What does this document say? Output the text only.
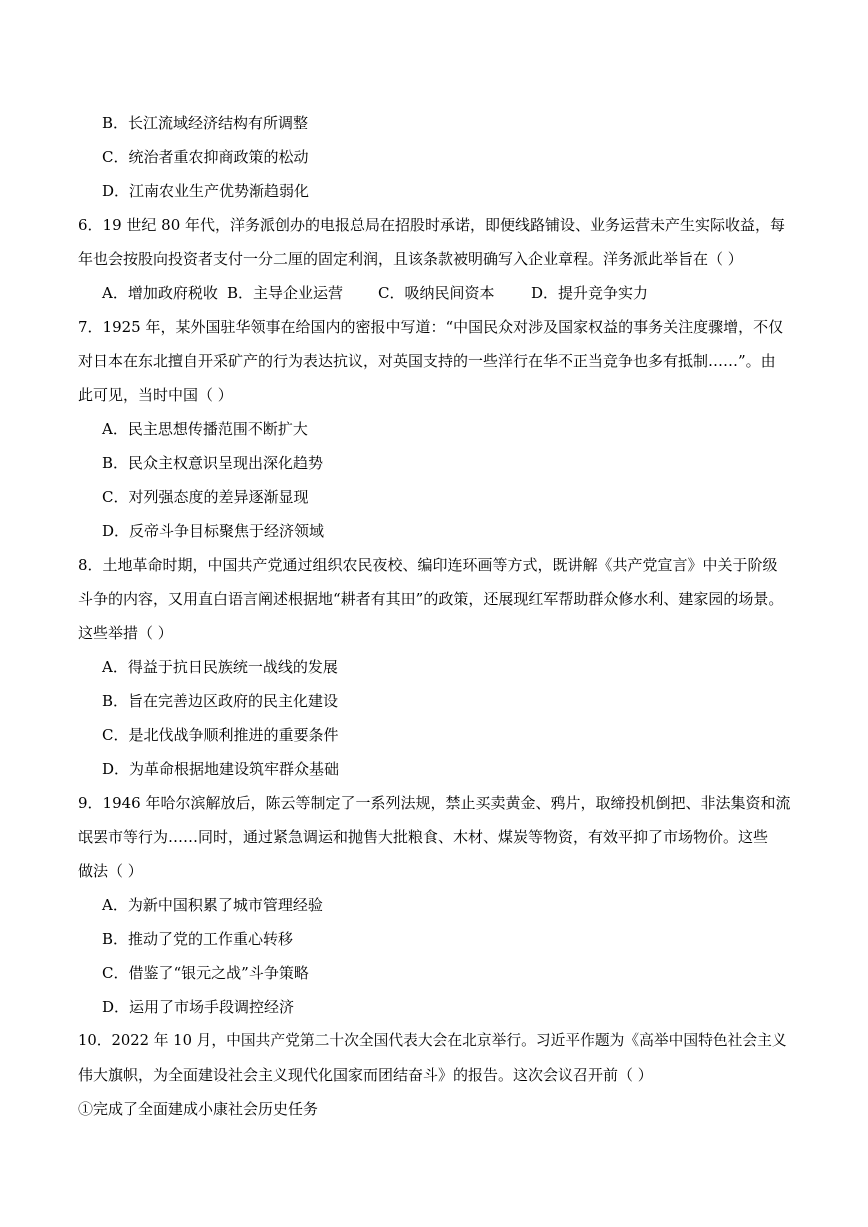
B．长江流域经济结构有所调整
C．统治者重农抑商政策的松动
D．江南农业生产优势渐趋弱化
6．19 世纪 80 年代，洋务派创办的电报总局在招股时承诺，即便线路铺设、业务运营未产生实际收益，每
年也会按股向投资者支付一分二厘的固定利润，且该条款被明确写入企业章程。洋务派此举旨在（ ）
A．增加政府税收 B．主导企业运营 C．吸纳民间资本 D．提升竞争实力
7．1925 年，某外国驻华领事在给国内的密报中写道：“中国民众对涉及国家权益的事务关注度骤增，不仅
对日本在东北擅自开采矿产的行为表达抗议，对英国支持的一些洋行在华不正当竞争也多有抵制……”。由
此可见，当时中国（ ）
A．民主思想传播范围不断扩大
B．民众主权意识呈现出深化趋势
C．对列强态度的差异逐渐显现
D．反帝斗争目标聚焦于经济领域
8．土地革命时期，中国共产党通过组织农民夜校、编印连环画等方式，既讲解《共产党宣言》中关于阶级
斗争的内容，又用直白语言阐述根据地“耕者有其田”的政策，还展现红军帮助群众修水利、建家园的场景。
这些举措（ ）
A．得益于抗日民族统一战线的发展
B．旨在完善边区政府的民主化建设
C．是北伐战争顺利推进的重要条件
D．为革命根据地建设筑牢群众基础
9．1946 年哈尔滨解放后，陈云等制定了一系列法规，禁止买卖黄金、鸦片，取缔投机倒把、非法集资和流
氓罢市等行为……同时，通过紧急调运和抛售大批粮食、木材、煤炭等物资，有效平抑了市场物价。这些
做法（ ）
A．为新中国积累了城市管理经验
B．推动了党的工作重心转移
C．借鉴了“银元之战”斗争策略
D．运用了市场手段调控经济
10．2022 年 10 月，中国共产党第二十次全国代表大会在北京举行。习近平作题为《高举中国特色社会主义
伟大旗帜，为全面建设社会主义现代化国家而团结奋斗》的报告。这次会议召开前（ ）
①完成了全面建成小康社会历史任务
